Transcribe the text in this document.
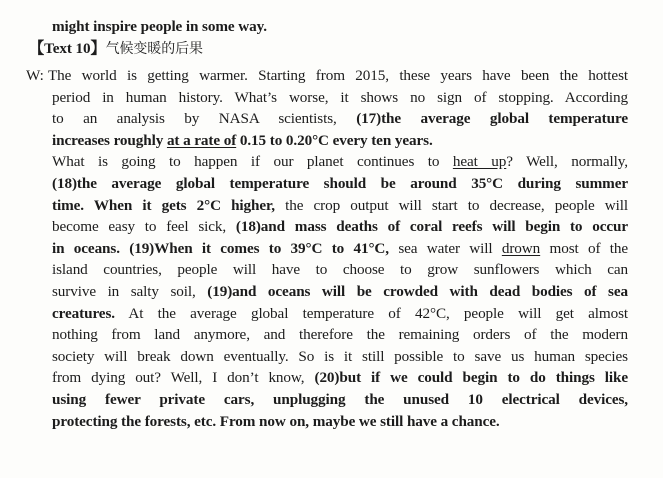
might inspire people in some way.
【Text 10】气候变暖的后果
W: The world is getting warmer. Starting from 2015, these years have been the hottest
period in human history. What’s worse, it shows no sign of stopping. According
to an analysis by NASA scientists, (17)the average global temperature
increases roughly at a rate of 0.15 to 0.20°C every ten years.
What is going to happen if our planet continues to heat up? Well, normally,
(18)the average global temperature should be around 35°C during summer
time. When it gets 2°C higher, the crop output will start to decrease, people will
become easy to feel sick, (18)and mass deaths of coral reefs will begin to occur
in oceans. (19)When it comes to 39°C to 41°C, sea water will drown most of the
island countries, people will have to choose to grow sunflowers which can
survive in salty soil, (19)and oceans will be crowded with dead bodies of sea
creatures. At the average global temperature of 42°C, people will get almost
nothing from land anymore, and therefore the remaining orders of the modern
society will break down eventually. So is it still possible to save us human species
from dying out? Well, I don’t know, (20)but if we could begin to do things like
using fewer private cars, unplugging the unused 10 electrical devices,
protecting the forests, etc. From now on, maybe we still have a chance.
